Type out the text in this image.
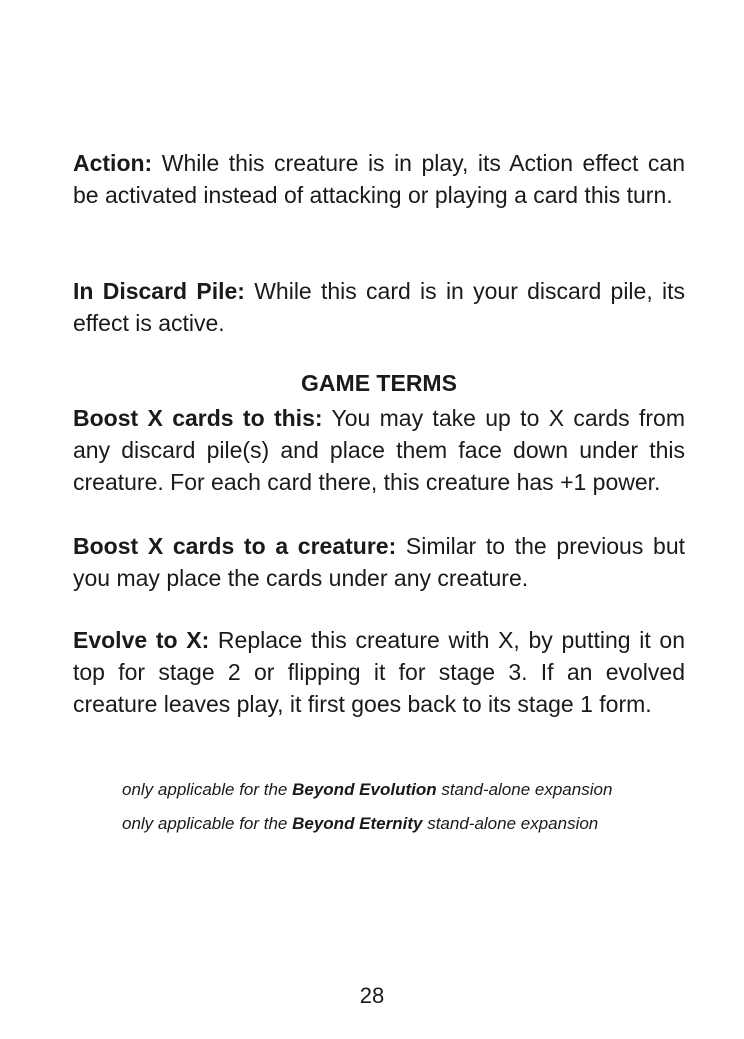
Action: While this creature is in play, its Action effect can be activated instead of attacking or playing a card this turn.

In Discard Pile: While this card is in your discard pile, its effect is active.

GAME TERMS

Boost X cards to this: You may take up to X cards from any discard pile(s) and place them face down under this creature. For each card there, this creature has +1 power.

Boost X cards to a creature: Similar to the previous but you may place the cards under any creature.

Evolve to X: Replace this creature with X, by putting it on top for stage 2 or flipping it for stage 3. If an evolved creature leaves play, it first goes back to its stage 1 form.

only applicable for the Beyond Evolution stand-alone expansion
only applicable for the Beyond Eternity stand-alone expansion
28
